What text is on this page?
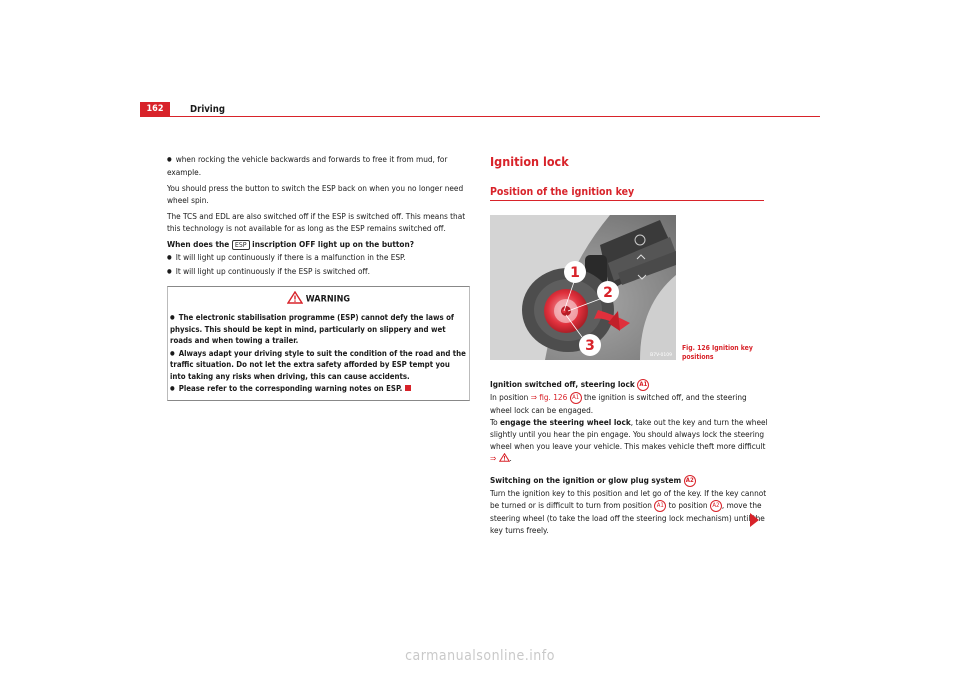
162	Driving

● when rocking the vehicle backwards and forwards to free it from mud, for example.

You should press the button to switch the ESP back on when you no longer need wheel spin.

The TCS and EDL are also switched off if the ESP is switched off. This means that this technology is not available for as long as the ESP remains switched off.

When does the ESP inscription OFF light up on the button?

● It will light up continuously if there is a malfunction in the ESP.

● It will light up continuously if the ESP is switched off.

WARNING

● The electronic stabilisation programme (ESP) cannot defy the laws of physics. This should be kept in mind, particularly on slippery and wet roads and when towing a trailer.

● Always adapt your driving style to suit the condition of the road and the traffic situation. Do not let the extra safety afforded by ESP tempt you into taking any risks when driving, this can cause accidents.

● Please refer to the corresponding warning notes on ESP.

Ignition lock
Position of the ignition key
1
2
3
B7V-0109
Fig. 126 Ignition key positions

Ignition switched off, steering lock A1

In position ⇒ fig. 126 A1 the ignition is switched off, and the steering wheel lock can be engaged.

To engage the steering wheel lock, take out the key and turn the wheel slightly until you hear the pin engage. You should always lock the steering wheel when you leave your vehicle. This makes vehicle theft more difficult ⇒ .

Switching on the ignition or glow plug system A2

Turn the ignition key to this position and let go of the key. If the key cannot be turned or is difficult to turn from position A1 to position A2 , move the steering wheel (to take the load off the steering lock mechanism) until the key turns freely.

carmanualsonline.info
